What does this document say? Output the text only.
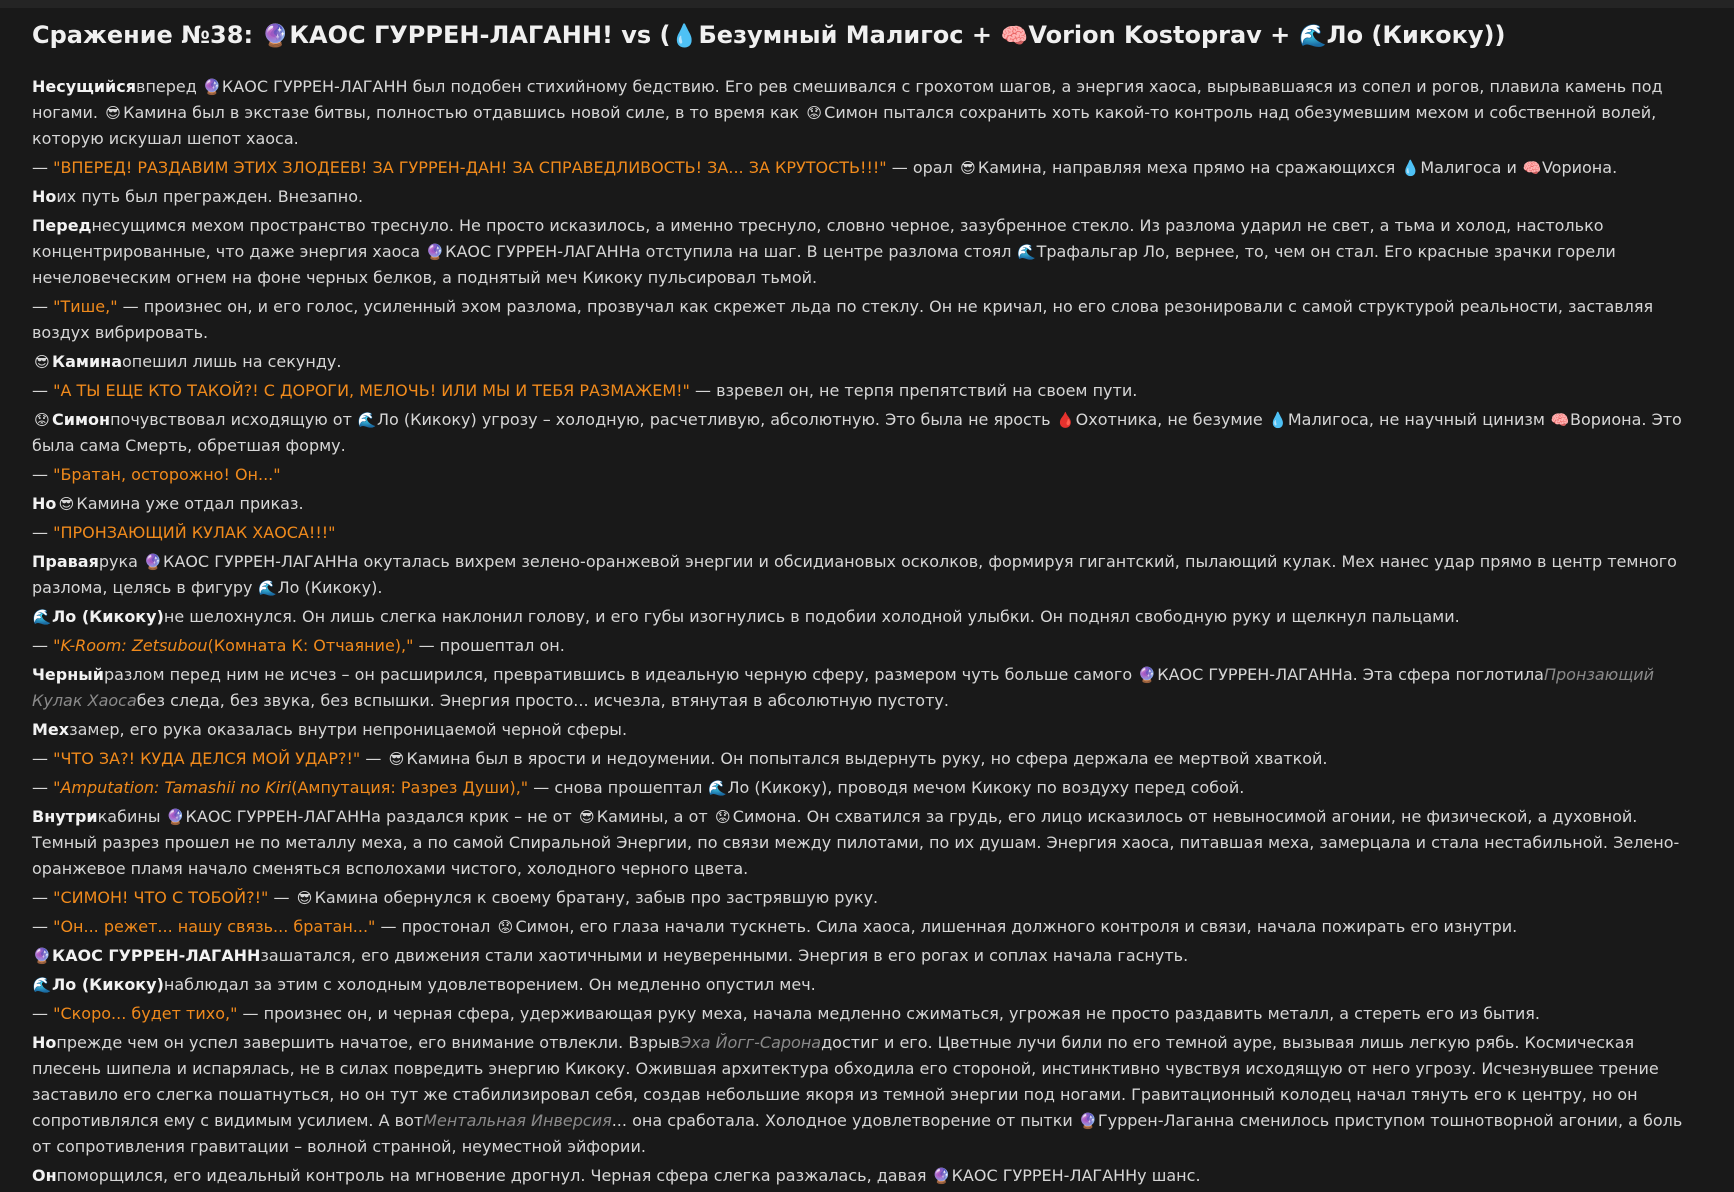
Сражение №38: 🔮КАОС ГУРРЕН-ЛАГАНН! vs (💧Безумный Малигос + 🧠Vorion Kostoprav + 🌊Ло (Кикоку))

Несущийсявперед 🔮КАОС ГУРРЕН-ЛАГАНН был подобен стихийному бедствию. Его рев смешивался с грохотом шагов, а энергия хаоса, вырывавшаяся из сопел и рогов, плавила камень под ногами. 😎 Камина был в экстазе битвы, полностью отдавшись новой силе, в то время как 😟 Симон пытался сохранить хоть какой-то контроль над обезумевшим мехом и собственной волей, которую искушал шепот хаоса.

— "ВПЕРЕД! РАЗДАВИМ ЭТИХ ЗЛОДЕЕВ! ЗА ГУРРЕН-ДАН! ЗА СПРАВЕДЛИВОСТЬ! ЗА... ЗА КРУТОСТЬ!!!" — орал 😎 Камина, направляя меха прямо на сражающихся 💧Малигоса и 🧠Voриона.

Ноих путь был прегражден. Внезапно.

Переднесущимся мехом пространство треснуло. Не просто исказилось, а именно треснуло, словно черное, зазубренное стекло. Из разлома ударил не свет, а тьма и холод, настолько концентрированные, что даже энергия хаоса 🔮КАОС ГУРРЕН-ЛАГАННа отступила на шаг. В центре разлома стоял 🌊Трафальгар Ло, вернее, то, чем он стал. Его красные зрачки горели нечеловеческим огнем на фоне черных белков, а поднятый меч Кикоку пульсировал тьмой.

— "Тише," — произнес он, и его голос, усиленный эхом разлома, прозвучал как скрежет льда по стеклу. Он не кричал, но его слова резонировали с самой структурой реальности, заставляя воздух вибрировать.

😎 Каминаопешил лишь на секунду.

— "А ТЫ ЕЩЕ КТО ТАКОЙ?! С ДОРОГИ, МЕЛОЧЬ! ИЛИ МЫ И ТЕБЯ РАЗМАЖЕМ!" — взревел он, не терпя препятствий на своем пути.

😟 Симонпочувствовал исходящую от 🌊Ло (Кикоку) угрозу – холодную, расчетливую, абсолютную. Это была не ярость 🩸Охотника, не безумие 💧Малигоса, не научный цинизм 🧠Вориона. Это была сама Смерть, обретшая форму.

— "Братан, осторожно! Он..."

Но 😎 Камина уже отдал приказ.

— "ПРОНЗАЮЩИЙ КУЛАК ХАОСА!!!"

Праваярука 🔮КАОС ГУРРЕН-ЛАГАННа окуталась вихрем зелено-оранжевой энергии и обсидиановых осколков, формируя гигантский, пылающий кулак. Мех нанес удар прямо в центр темного разлома, целясь в фигуру 🌊Ло (Кикоку).

🌊Ло (Кикоку)не шелохнулся. Он лишь слегка наклонил голову, и его губы изогнулись в подобии холодной улыбки. Он поднял свободную руку и щелкнул пальцами.

— "K-Room: Zetsubou(Комната К: Отчаяние)," — прошептал он.

Черныйразлом перед ним не исчез – он расширился, превратившись в идеальную черную сферу, размером чуть больше самого 🔮КАОС ГУРРЕН-ЛАГАННа. Эта сфера поглотилаПронзающий Кулак Хаосабез следа, без звука, без вспышки. Энергия просто... исчезла, втянутая в абсолютную пустоту.

Мехзамер, его рука оказалась внутри непроницаемой черной сферы.

— "ЧТО ЗА?! КУДА ДЕЛСЯ МОЙ УДАР?!" — 😎 Камина был в ярости и недоумении. Он попытался выдернуть руку, но сфера держала ее мертвой хваткой.

— "Amputation: Tamashii no Kiri(Ампутация: Разрез Души)," — снова прошептал 🌊Ло (Кикоку), проводя мечом Кикоку по воздуху перед собой.

Внутрикабины 🔮КАОС ГУРРЕН-ЛАГАННа раздался крик – не от 😎 Камины, а от 😟 Симона. Он схватился за грудь, его лицо исказилось от невыносимой агонии, не физической, а духовной. Темный разрез прошел не по металлу меха, а по самой Спиральной Энергии, по связи между пилотами, по их душам. Энергия хаоса, питавшая меха, замерцала и стала нестабильной. Зелено-оранжевое пламя начало сменяться всполохами чистого, холодного черного цвета.

— "СИМОН! ЧТО С ТОБОЙ?!" — 😎 Камина обернулся к своему братану, забыв про застрявшую руку.

— "Он... режет... нашу связь... братан..." — простонал 😟 Симон, его глаза начали тускнеть. Сила хаоса, лишенная должного контроля и связи, начала пожирать его изнутри.

🔮КАОС ГУРРЕН-ЛАГАННзашатался, его движения стали хаотичными и неуверенными. Энергия в его рогах и соплах начала гаснуть.

🌊Ло (Кикоку)наблюдал за этим с холодным удовлетворением. Он медленно опустил меч.

— "Скоро... будет тихо," — произнес он, и черная сфера, удерживающая руку меха, начала медленно сжиматься, угрожая не просто раздавить металл, а стереть его из бытия.

Нопрежде чем он успел завершить начатое, его внимание отвлекли. ВзрывЭха Йогг-Саронадостиг и его. Цветные лучи били по его темной ауре, вызывая лишь легкую рябь. Космическая плесень шипела и испарялась, не в силах повредить энергию Кикоку. Ожившая архитектура обходила его стороной, инстинктивно чувствуя исходящую от него угрозу. Исчезнувшее трение заставило его слегка пошатнуться, но он тут же стабилизировал себя, создав небольшие якоря из темной энергии под ногами. Гравитационный колодец начал тянуть его к центру, но он сопротивлялся ему с видимым усилием. А вотМентальная Инверсия... она сработала. Холодное удовлетворение от пытки 🔮Гуррен-Лаганна сменилось приступом тошнотворной агонии, а боль от сопротивления гравитации – волной странной, неуместной эйфории.

Онпоморщился, его идеальный контроль на мгновение дрогнул. Черная сфера слегка разжалась, давая 🔮КАОС ГУРРЕН-ЛАГАННу шанс.
